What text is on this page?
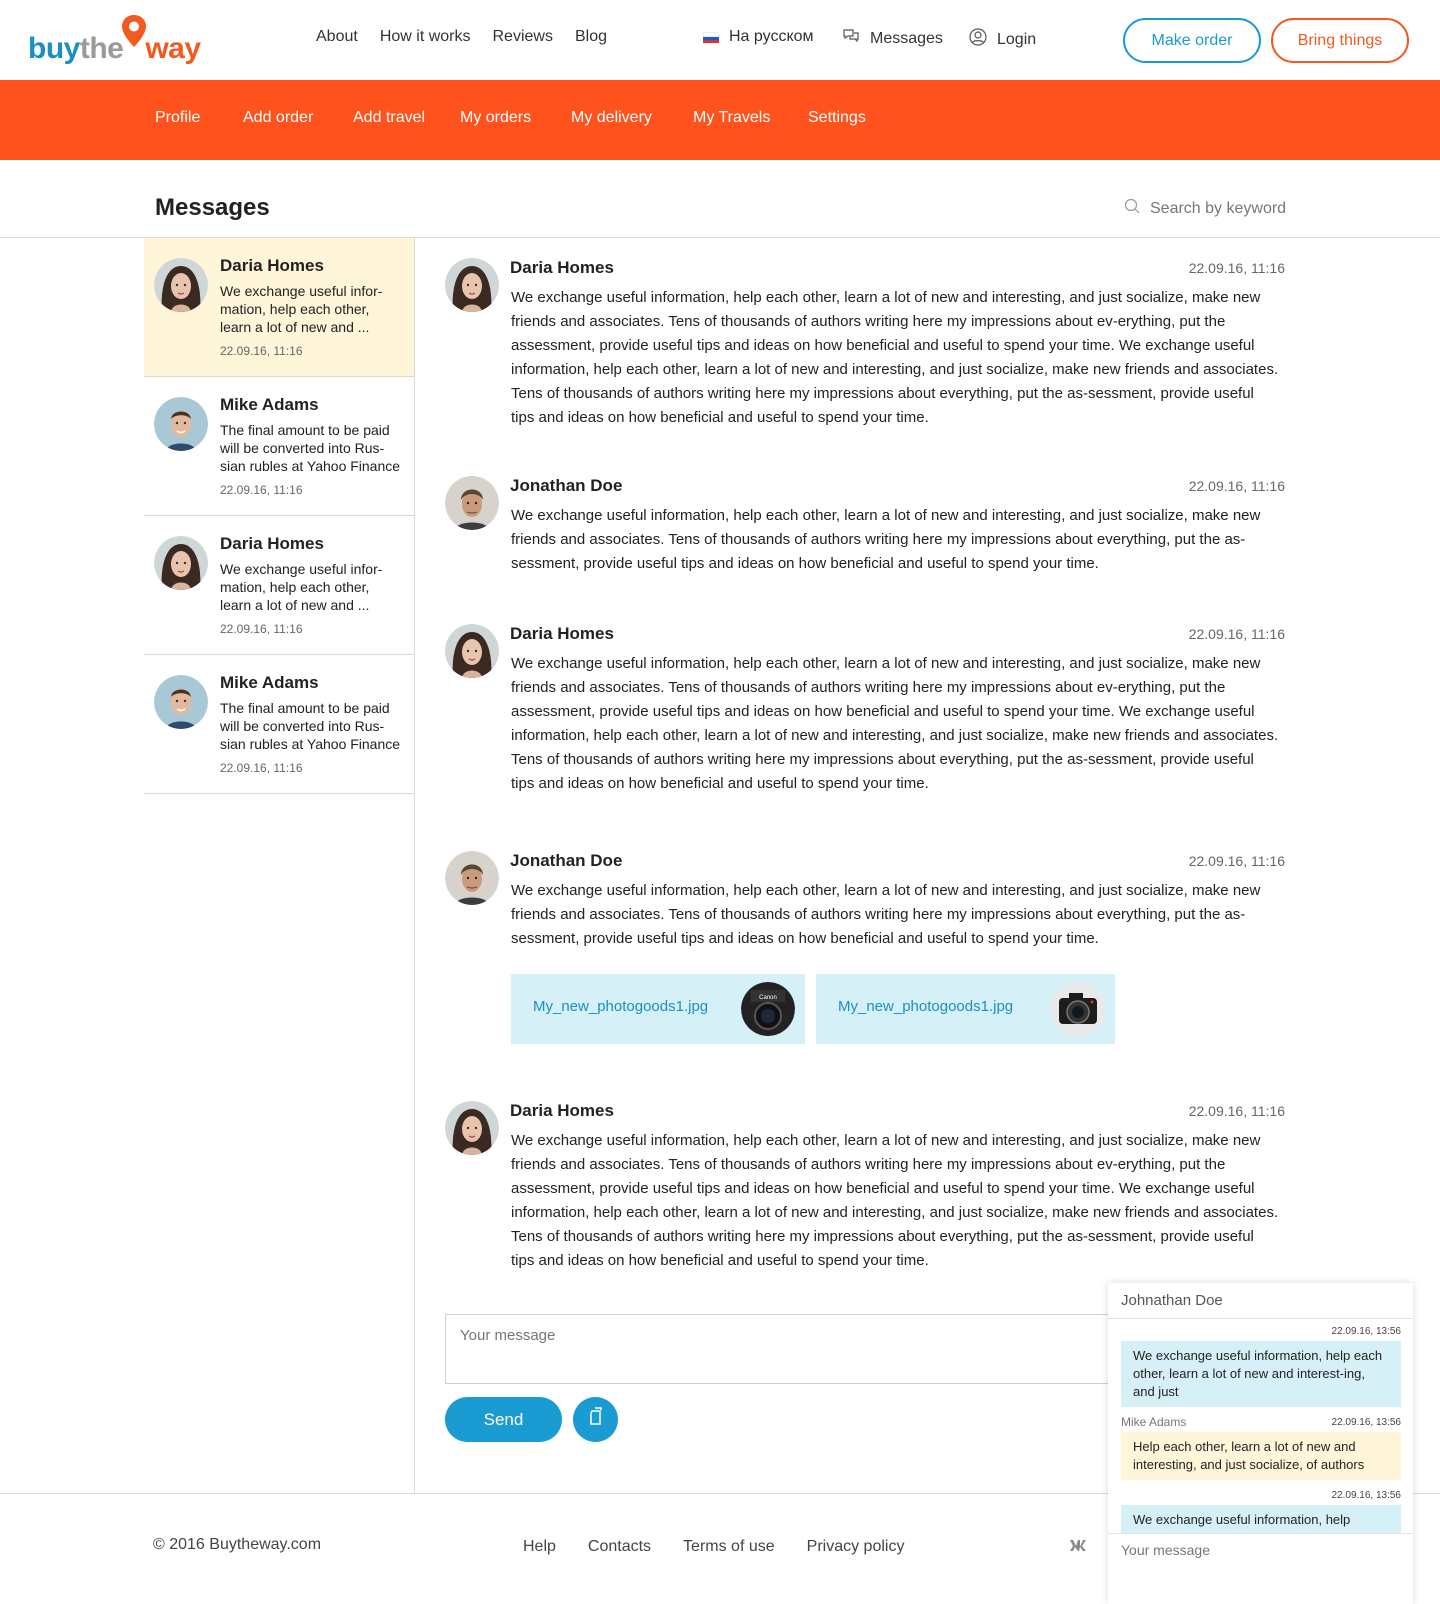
buy the way	About How it works Reviews Blog	На русском	Messages	Login	Make order	Bring things
Profile	Add order Add travel My orders My delivery	My Travels Settings
Messages	Search by keyword
Daria Homes
We exchange useful infor-mation, help each other, learn a lot of new and ...
22.09.16, 11:16
Mike Adams
The final amount to be paid will be converted into Rus-sian rubles at Yahoo Finance
22.09.16, 11:16
Daria Homes
We exchange useful infor-mation, help each other, learn a lot of new and ...
22.09.16, 11:16
Mike Adams
The final amount to be paid will be converted into Rus-sian rubles at Yahoo Finance
22.09.16, 11:16
Daria Homes	22.09.16, 11:16
We exchange useful information, help each other, learn a lot of new and interesting, and just socialize, make new friends and associates. Tens of thousands of authors writing here my impressions about ev-erything, put the assessment, provide useful tips and ideas on how beneficial and useful to spend your time. We exchange useful information, help each other, learn a lot of new and interesting, and just socialize, make new friends and associates. Tens of thousands of authors writing here my impressions about everything, put the as-sessment, provide useful tips and ideas on how beneficial and useful to spend your time.
Jonathan Doe	22.09.16, 11:16
We exchange useful information, help each other, learn a lot of new and interesting, and just socialize, make new friends and associates. Tens of thousands of authors writing here my impressions about everything, put the as-sessment, provide useful tips and ideas on how beneficial and useful to spend your time.
Daria Homes	22.09.16, 11:16
We exchange useful information, help each other, learn a lot of new and interesting, and just socialize, make new friends and associates. Tens of thousands of authors writing here my impressions about ev-erything, put the assessment, provide useful tips and ideas on how beneficial and useful to spend your time. We exchange useful information, help each other, learn a lot of new and interesting, and just socialize, make new friends and associates. Tens of thousands of authors writing here my impressions about everything, put the as-sessment, provide useful tips and ideas on how beneficial and useful to spend your time.
Jonathan Doe	22.09.16, 11:16
We exchange useful information, help each other, learn a lot of new and interesting, and just socialize, make new friends and associates. Tens of thousands of authors writing here my impressions about everything, put the as-sessment, provide useful tips and ideas on how beneficial and useful to spend your time.
My_new_photogoods1.jpg	Canon	My_new_photogoods1.jpg
Daria Homes	22.09.16, 11:16
We exchange useful information, help each other, learn a lot of new and interesting, and just socialize, make new friends and associates. Tens of thousands of authors writing here my impressions about ev-erything, put the assessment, provide useful tips and ideas on how beneficial and useful to spend your time. We exchange useful information, help each other, learn a lot of new and interesting, and just socialize, make new friends and associates. Tens of thousands of authors writing here my impressions about everything, put the as-sessment, provide useful tips and ideas on how beneficial and useful to spend your time.
Your message
Send
© 2016 Buytheway.com	Help Contacts Terms of use Privacy policy
Johnathan Doe
22.09.16, 13:56
We exchange useful information, help each other, learn a lot of new and interest-ing, and just
Mike Adams	22.09.16, 13:56
Help each other, learn a lot of new and interesting, and just socialize, of authors
22.09.16, 13:56
We exchange useful information, help
Your message
